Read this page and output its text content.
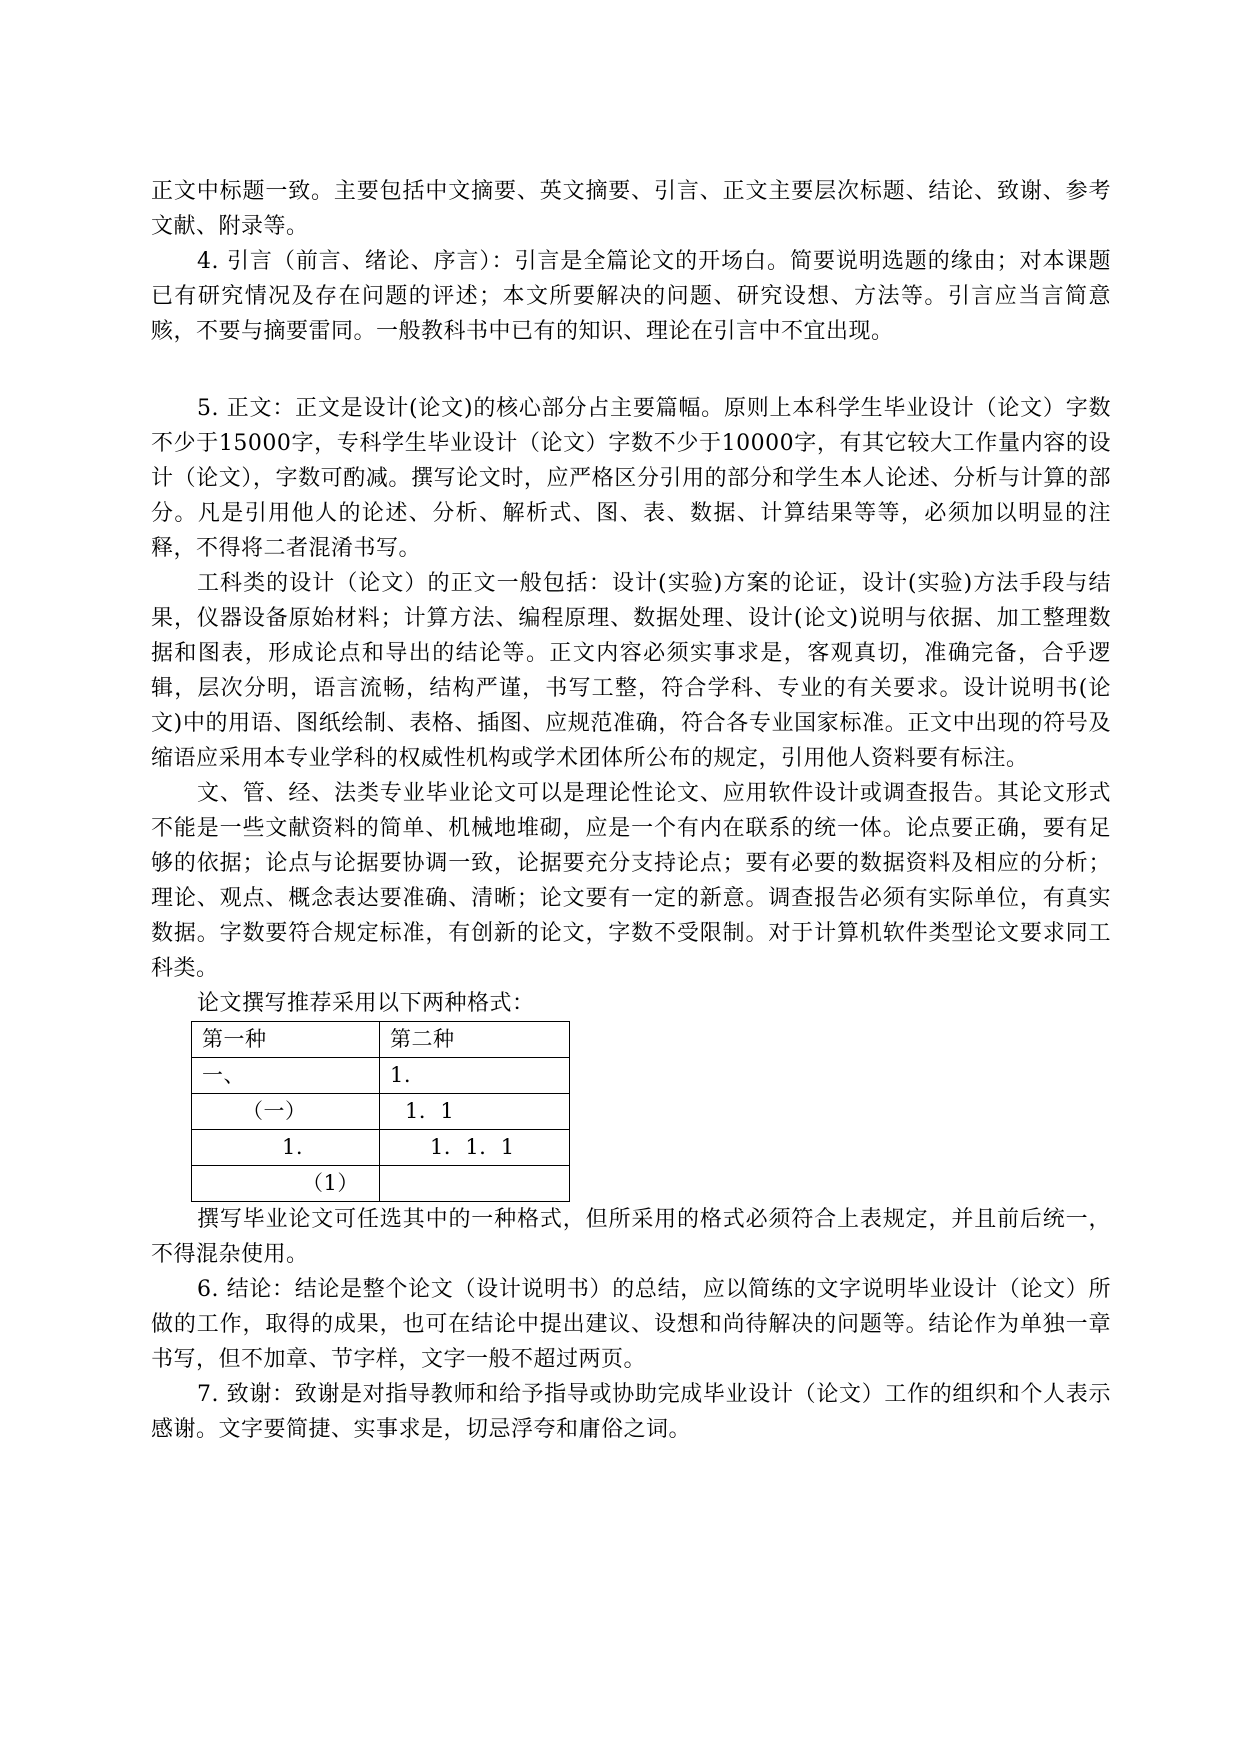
正文中标题一致。主要包括中文摘要、英文摘要、引言、正文主要层次标题、结论、致谢、参考文献、附录等。

4. 引言（前言、绪论、序言）：引言是全篇论文的开场白。简要说明选题的缘由；对本课题已有研究情况及存在问题的评述；本文所要解决的问题、研究设想、方法等。引言应当言简意赅，不要与摘要雷同。一般教科书中已有的知识、理论在引言中不宜出现。

5. 正文：正文是设计(论文)的核心部分占主要篇幅。原则上本科学生毕业设计（论文）字数不少于15000字，专科学生毕业设计（论文）字数不少于10000字，有其它较大工作量内容的设计（论文），字数可酌减。撰写论文时，应严格区分引用的部分和学生本人论述、分析与计算的部分。凡是引用他人的论述、分析、解析式、图、表、数据、计算结果等等，必须加以明显的注释，不得将二者混淆书写。

工科类的设计（论文）的正文一般包括：设计(实验)方案的论证，设计(实验)方法手段与结果，仪器设备原始材料；计算方法、编程原理、数据处理、设计(论文)说明与依据、加工整理数据和图表，形成论点和导出的结论等。正文内容必须实事求是，客观真切，准确完备，合乎逻辑，层次分明，语言流畅，结构严谨，书写工整，符合学科、专业的有关要求。设计说明书(论文)中的用语、图纸绘制、表格、插图、应规范准确，符合各专业国家标准。正文中出现的符号及缩语应采用本专业学科的权威性机构或学术团体所公布的规定，引用他人资料要有标注。

文、管、经、法类专业毕业论文可以是理论性论文、应用软件设计或调查报告。其论文形式不能是一些文献资料的简单、机械地堆砌，应是一个有内在联系的统一体。论点要正确，要有足够的依据；论点与论据要协调一致，论据要充分支持论点；要有必要的数据资料及相应的分析；理论、观点、概念表达要准确、清晰；论文要有一定的新意。调查报告必须有实际单位，有真实数据。字数要符合规定标准，有创新的论文，字数不受限制。对于计算机软件类型论文要求同工科类。

论文撰写推荐采用以下两种格式：

第一种	第二种
一、	1.
（一）	1．1
1.	1．1．1
（1）	

撰写毕业论文可任选其中的一种格式，但所采用的格式必须符合上表规定，并且前后统一，不得混杂使用。

6. 结论：结论是整个论文（设计说明书）的总结，应以简练的文字说明毕业设计（论文）所做的工作，取得的成果，也可在结论中提出建议、设想和尚待解决的问题等。结论作为单独一章书写，但不加章、节字样，文字一般不超过两页。

7. 致谢：致谢是对指导教师和给予指导或协助完成毕业设计（论文）工作的组织和个人表示感谢。文字要简捷、实事求是，切忌浮夸和庸俗之词。
